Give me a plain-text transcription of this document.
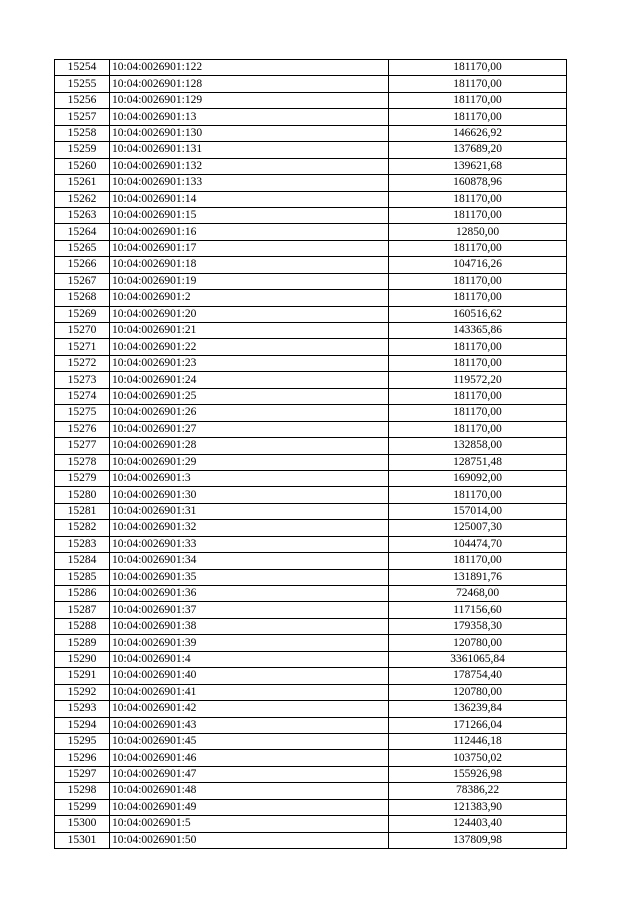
15254	10:04:0026901:122	181170,00
15255	10:04:0026901:128	181170,00
15256	10:04:0026901:129	181170,00
15257	10:04:0026901:13	181170,00
15258	10:04:0026901:130	146626,92
15259	10:04:0026901:131	137689,20
15260	10:04:0026901:132	139621,68
15261	10:04:0026901:133	160878,96
15262	10:04:0026901:14	181170,00
15263	10:04:0026901:15	181170,00
15264	10:04:0026901:16	12850,00
15265	10:04:0026901:17	181170,00
15266	10:04:0026901:18	104716,26
15267	10:04:0026901:19	181170,00
15268	10:04:0026901:2	181170,00
15269	10:04:0026901:20	160516,62
15270	10:04:0026901:21	143365,86
15271	10:04:0026901:22	181170,00
15272	10:04:0026901:23	181170,00
15273	10:04:0026901:24	119572,20
15274	10:04:0026901:25	181170,00
15275	10:04:0026901:26	181170,00
15276	10:04:0026901:27	181170,00
15277	10:04:0026901:28	132858,00
15278	10:04:0026901:29	128751,48
15279	10:04:0026901:3	169092,00
15280	10:04:0026901:30	181170,00
15281	10:04:0026901:31	157014,00
15282	10:04:0026901:32	125007,30
15283	10:04:0026901:33	104474,70
15284	10:04:0026901:34	181170,00
15285	10:04:0026901:35	131891,76
15286	10:04:0026901:36	72468,00
15287	10:04:0026901:37	117156,60
15288	10:04:0026901:38	179358,30
15289	10:04:0026901:39	120780,00
15290	10:04:0026901:4	3361065,84
15291	10:04:0026901:40	178754,40
15292	10:04:0026901:41	120780,00
15293	10:04:0026901:42	136239,84
15294	10:04:0026901:43	171266,04
15295	10:04:0026901:45	112446,18
15296	10:04:0026901:46	103750,02
15297	10:04:0026901:47	155926,98
15298	10:04:0026901:48	78386,22
15299	10:04:0026901:49	121383,90
15300	10:04:0026901:5	124403,40
15301	10:04:0026901:50	137809,98
